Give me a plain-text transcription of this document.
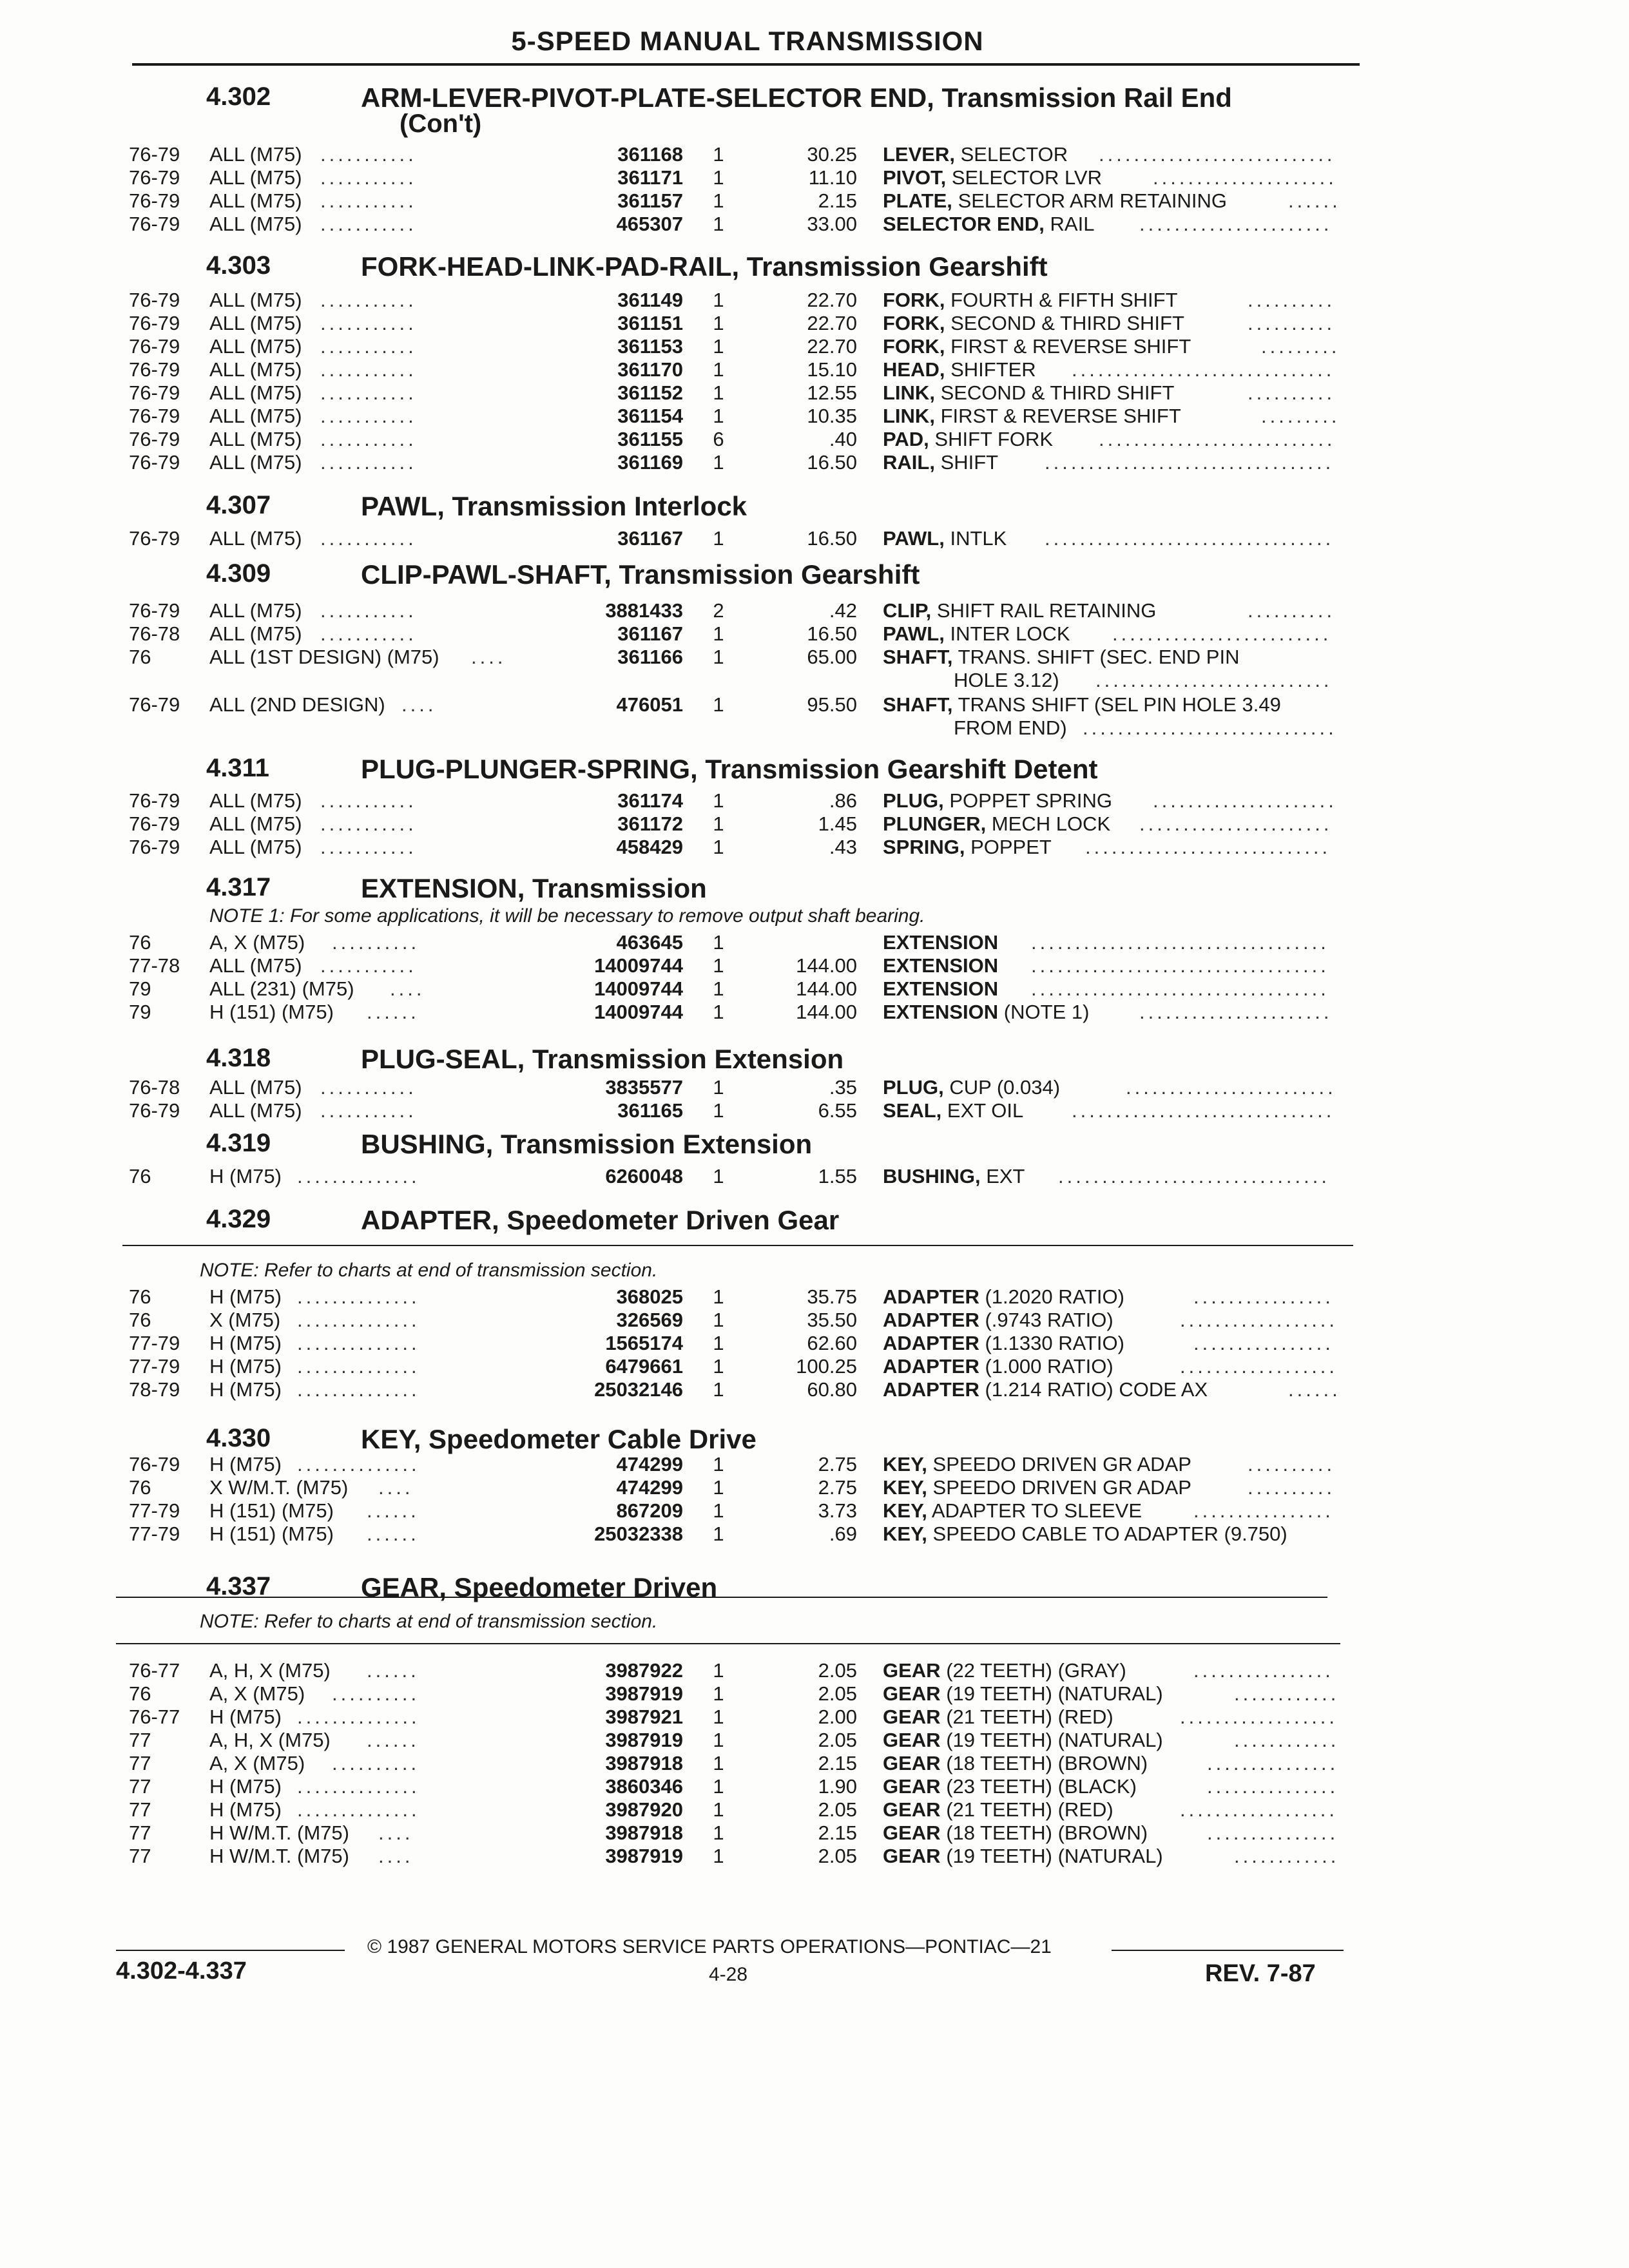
5-SPEED MANUAL TRANSMISSION
4.302	ARM-LEVER-PIVOT-PLATE-SELECTOR END, Transmission Rail End
(Con't)
76-79 ALL (M75) ...........	361168 1	30.25 LEVER, SELECTOR ...........................
76-79 ALL (M75) ...........	361171 1	11.10 PIVOT, SELECTOR LVR	.....................
76-79 ALL (M75) ...........	361157 1	2.15 PLATE, SELECTOR ARM RETAINING	......
76-79 ALL (M75) ...........	465307 1	33.00 SELECTOR END, RAIL ......................
4.303	FORK-HEAD-LINK-PAD-RAIL, Transmission Gearshift
76-79 ALL (M75) ...........	361149 1	22.70 FORK, FOURTH & FIFTH SHIFT	..........
76-79 ALL (M75) ...........	361151 1	22.70 FORK, SECOND & THIRD SHIFT	..........
76-79 ALL (M75) ...........	361153 1	22.70 FORK, FIRST & REVERSE SHIFT	.........
76-79 ALL (M75) ...........	361170 1	15.10 HEAD, SHIFTER ..............................
76-79 ALL (M75) ...........	361152 1	12.55 LINK, SECOND & THIRD SHIFT	..........
76-79 ALL (M75) ...........	361154 1	10.35 LINK, FIRST & REVERSE SHIFT	.........
76-79 ALL (M75) ...........	361155 6	.40 PAD, SHIFT FORK ...........................
76-79 ALL (M75) ...........	361169 1	16.50 RAIL, SHIFT .................................
4.307	PAWL, Transmission Interlock
76-79 ALL (M75) ...........	361167 1	16.50 PAWL, INTLK .................................
4.309	CLIP-PAWL-SHAFT, Transmission Gearshift
76-79 ALL (M75) ...........	3881433 2	.42 CLIP, SHIFT RAIL RETAINING	..........
76-78 ALL (M75) ...........	361167 1	16.50 PAWL, INTER LOCK .........................
76	ALL (1ST DESIGN) (M75) ....	361166 1	65.00 SHAFT, TRANS. SHIFT (SEC. END PIN
HOLE 3.12) ...........................
76-79 ALL (2ND DESIGN) ....	476051 1	95.50 SHAFT, TRANS SHIFT (SEL PIN HOLE 3.49
FROM END) .............................
4.311	PLUG-PLUNGER-SPRING, Transmission Gearshift Detent
76-79 ALL (M75) ...........	361174 1	.86 PLUG, POPPET SPRING .....................
76-79 ALL (M75) ...........	361172 1	1.45 PLUNGER, MECH LOCK ......................
76-79 ALL (M75) ...........	458429 1	.43 SPRING, POPPET ............................
4.317	EXTENSION, Transmission
NOTE 1: For some applications, it will be necessary to remove output shaft bearing.
76	A, X (M75) ..........	463645 1	EXTENSION ..................................
77-78 ALL (M75) ...........	14009744 1	144.00 EXTENSION ..................................
79	ALL (231) (M75) ....	14009744 1	144.00 EXTENSION ..................................
79	H (151) (M75) ......	14009744 1	144.00 EXTENSION (NOTE 1)	......................
4.318	PLUG-SEAL, Transmission Extension
76-78 ALL (M75) ...........	3835577 1	.35 PLUG, CUP (0.034)	........................
76-79 ALL (M75) ...........	361165 1	6.55 SEAL, EXT OIL ..............................
4.319	BUSHING, Transmission Extension
76	H (M75) ..............	6260048 1	1.55 BUSHING, EXT ...............................
4.329	ADAPTER, Speedometer Driven Gear
NOTE: Refer to charts at end of transmission section.
76	H (M75) ..............	368025 1	35.75 ADAPTER (1.2020 RATIO)	................
76	X (M75) ..............	326569 1	35.50 ADAPTER (.9743 RATIO)	..................
77-79 H (M75) ..............	1565174 1	62.60 ADAPTER (1.1330 RATIO)	................
77-79 H (M75) ..............	6479661 1	100.25 ADAPTER (1.000 RATIO)	..................
78-79 H (M75) ..............	25032146 1	60.80 ADAPTER (1.214 RATIO) CODE AX	......
4.330	KEY, Speedometer Cable Drive
76-79 H (M75) ..............	474299 1	2.75 KEY, SPEEDO DRIVEN GR ADAP	..........
76	X W/M.T. (M75) ....	474299 1	2.75 KEY, SPEEDO DRIVEN GR ADAP	..........
77-79 H (151) (M75) ......	867209 1	3.73 KEY, ADAPTER TO SLEEVE	................
77-79 H (151) (M75) ......	25032338 1	.69 KEY, SPEEDO CABLE TO ADAPTER (9.750)
4.337	GEAR, Speedometer Driven
NOTE: Refer to charts at end of transmission section.
76-77 A, H, X (M75) ......	3987922 1	2.05 GEAR (22 TEETH) (GRAY)	................
76	A, X (M75) ..........	3987919 1	2.05 GEAR (19 TEETH) (NATURAL)	............
76-77 H (M75) ..............	3987921 1	2.00 GEAR (21 TEETH) (RED)	..................
77	A, H, X (M75) ......	3987919 1	2.05 GEAR (19 TEETH) (NATURAL)	............
77	A, X (M75) ..........	3987918 1	2.15 GEAR (18 TEETH) (BROWN)	...............
77	H (M75) ..............	3860346 1	1.90 GEAR (23 TEETH) (BLACK)	...............
77	H (M75) ..............	3987920 1	2.05 GEAR (21 TEETH) (RED)	..................
77	H W/M.T. (M75) ....	3987918 1	2.15 GEAR (18 TEETH) (BROWN)	...............
77	H W/M.T. (M75) ....	3987919 1	2.05 GEAR (19 TEETH) (NATURAL)	............
© 1987 GENERAL MOTORS SERVICE PARTS OPERATIONS—PONTIAC—21
4.302-4.337	4-28	REV. 7-87
